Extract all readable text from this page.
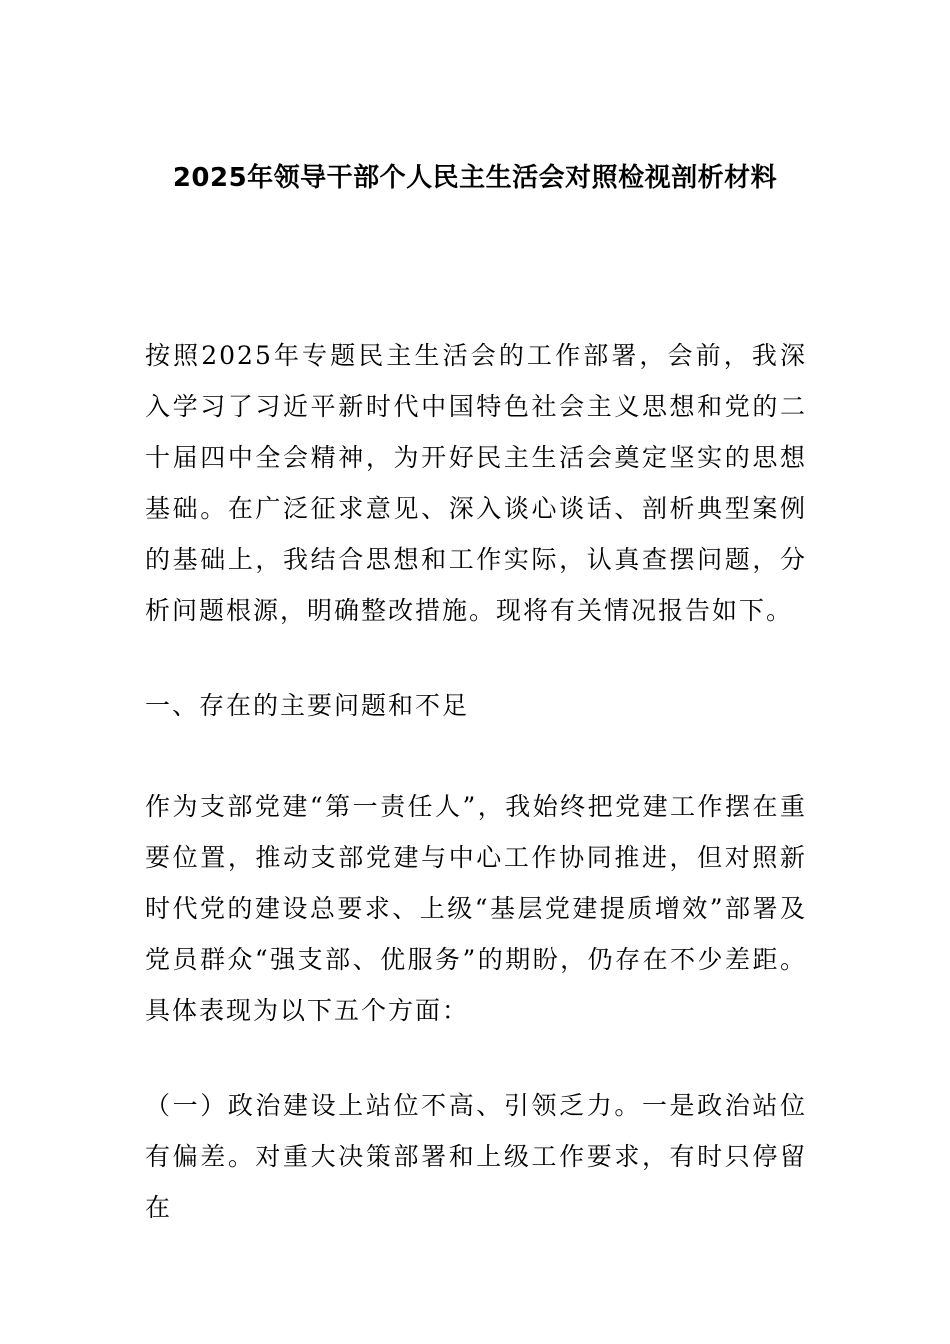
2025年领导干部个人民主生活会对照检视剖析材料

按照2025年专题民主生活会的工作部署，会前，我深入学习了习近平新时代中国特色社会主义思想和党的二十届四中全会精神，为开好民主生活会奠定坚实的思想基础。在广泛征求意见、深入谈心谈话、剖析典型案例的基础上，我结合思想和工作实际，认真查摆问题，分析问题根源，明确整改措施。现将有关情况报告如下。

一、存在的主要问题和不足

作为支部党建“第一责任人”，我始终把党建工作摆在重要位置，推动支部党建与中心工作协同推进，但对照新时代党的建设总要求、上级“基层党建提质增效”部署及党员群众“强支部、优服务”的期盼，仍存在不少差距。具体表现为以下五个方面：

（一）政治建设上站位不高、引领乏力。一是政治站位有偏差。对重大决策部署和上级工作要求，有时只停留在
